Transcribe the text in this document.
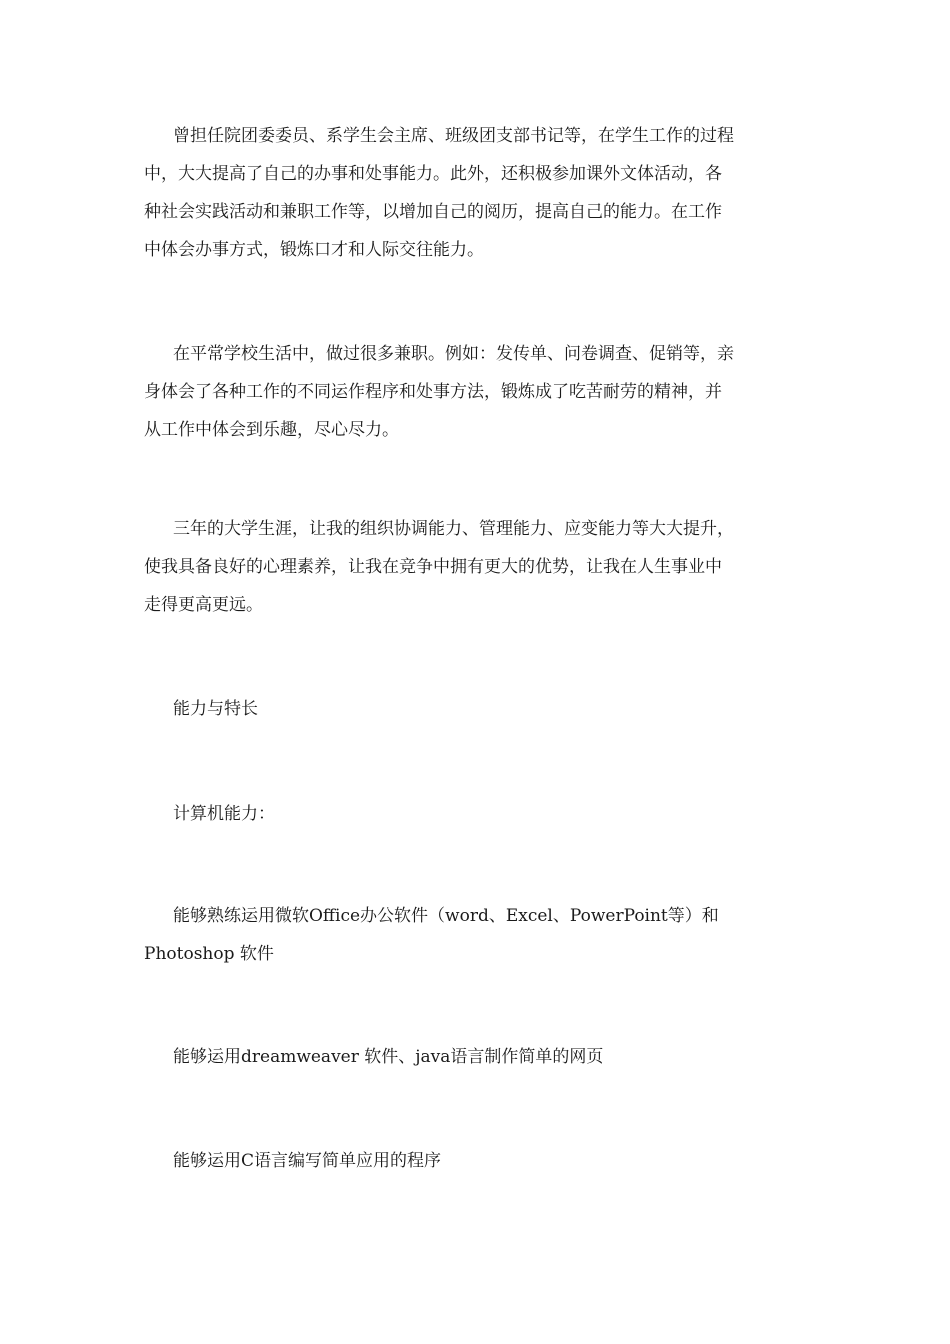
曾担任院团委委员、系学生会主席、班级团支部书记等，在学生工作的过程
中，大大提高了自己的办事和处事能力。此外，还积极参加课外文体活动，各
种社会实践活动和兼职工作等，以增加自己的阅历，提高自己的能力。在工作
中体会办事方式，锻炼口才和人际交往能力。
在平常学校生活中，做过很多兼职。例如：发传单、问卷调查、促销等，亲
身体会了各种工作的不同运作程序和处事方法，锻炼成了吃苦耐劳的精神，并
从工作中体会到乐趣，尽心尽力。
三年的大学生涯，让我的组织协调能力、管理能力、应变能力等大大提升，
使我具备良好的心理素养，让我在竞争中拥有更大的优势，让我在人生事业中
走得更高更远。
能力与特长
计算机能力：
能够熟练运用微软Office办公软件（word、Excel、PowerPoint等）和
Photoshop 软件
能够运用dreamweaver 软件、java语言制作简单的网页
能够运用C语言编写简单应用的程序
